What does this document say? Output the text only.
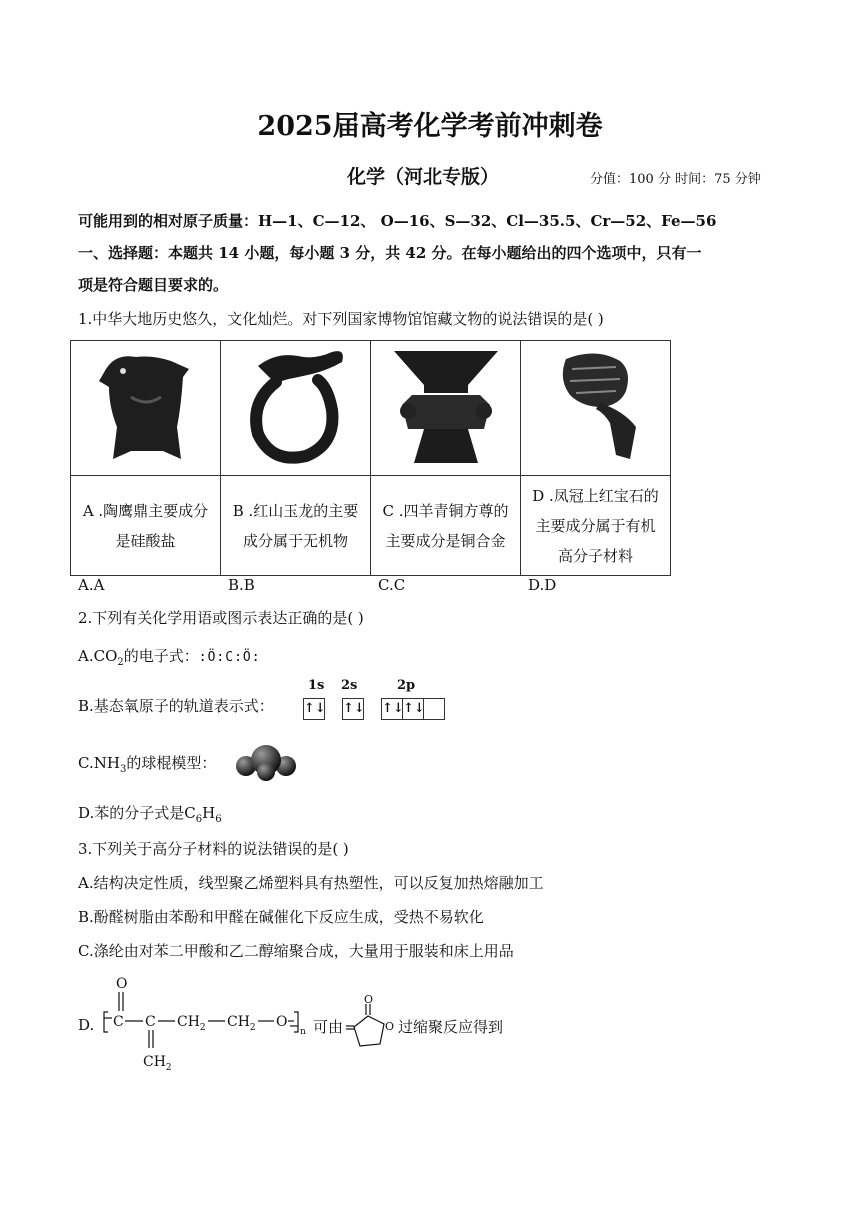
2025届高考化学考前冲刺卷
化学（河北专版）	分值：100 分 时间：75 分钟
可能用到的相对原子质量：H—1、C—12、 O—16、S—32、Cl—35.5、Cr—52、Fe—56
一、选择题：本题共 14 小题，每小题 3 分，共 42 分。在每小题给出的四个选项中，只有一
项是符合题目要求的。
1.中华大地历史悠久，文化灿烂。对下列国家博物馆馆藏文物的说法错误的是( )

A .陶鹰鼎主要成分是硅酸盐	B .红山玉龙的主要成分属于无机物	C .四羊青铜方尊的主要成分是铜合金	D .凤冠上红宝石的主要成分属于有机高分子材料
A.A	B.B	C.C	D.D
2.下列有关化学用语或图示表达正确的是( )
$A.CO_2$的电子式：:Ö:C:Ö:
B.基态氧原子的轨道表示式：
1s 2s	2p
↑↓ ↑↓ ↑↓↑↓
$C.NH_3$的球棍模型：
D.苯的分子式是$C_6H_6$
3.下列关于高分子材料的说法错误的是( )
A.结构决定性质，线型聚乙烯塑料具有热塑性，可以反复加热熔融加工
B.酚醛树脂由苯酚和甲醛在碱催化下反应生成，受热不易软化
C.涤纶由对苯二甲酸和乙二醇缩聚合成，大量用于服装和床上用品
D. C
O
C
$CH_2$
$CH_2$ $CH_2$ O
n 可由
O
O 过缩聚反应得到
